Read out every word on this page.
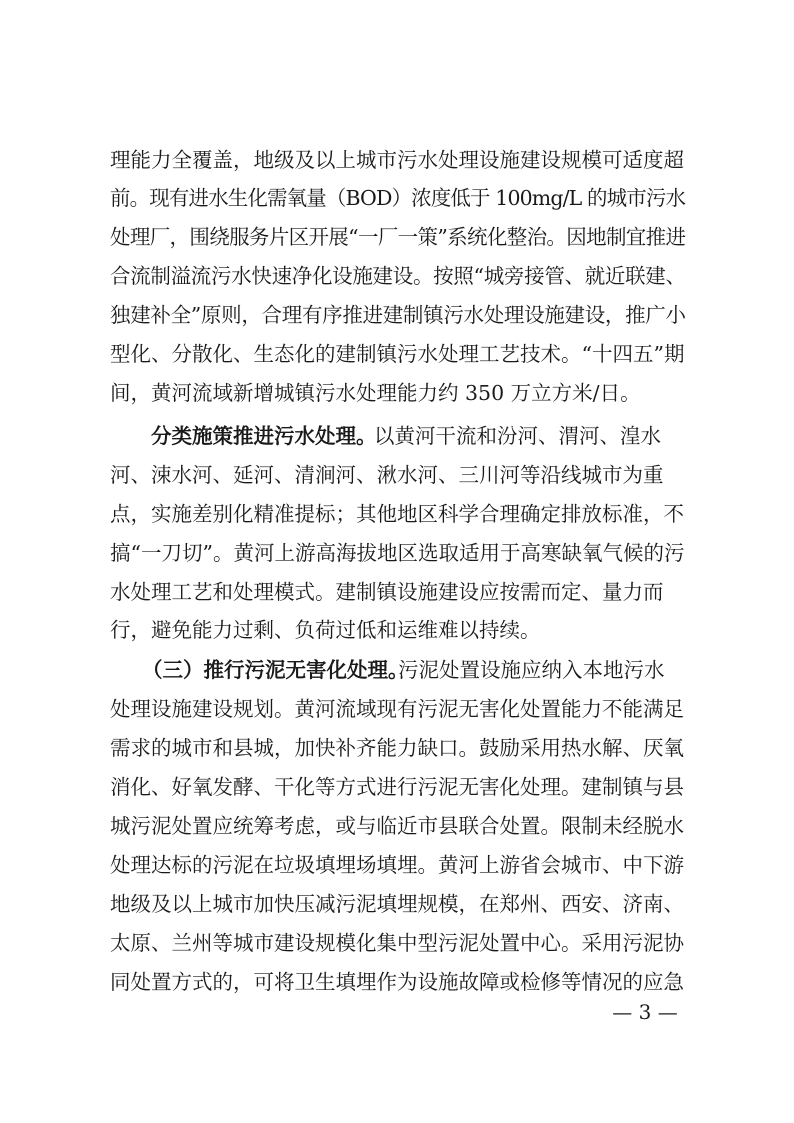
理能力全覆盖，地级及以上城市污水处理设施建设规模可适度超
前。现有进水生化需氧量（BOD）浓度低于 100mg/L 的城市污水
处理厂，围绕服务片区开展“一厂一策”系统化整治。因地制宜推进
合流制溢流污水快速净化设施建设。按照“城旁接管、就近联建、
独建补全”原则，合理有序推进建制镇污水处理设施建设，推广小
型化、分散化、生态化的建制镇污水处理工艺技术。“十四五”期
间，黄河流域新增城镇污水处理能力约 350 万立方米/日。
分类施策推进污水处理。
以黄河干流和汾河、渭河、湟水
河、涑水河、延河、清涧河、湫水河、三川河等沿线城市为重
点，实施差别化精准提标；其他地区科学合理确定排放标准，不
搞“一刀切”。黄河上游高海拔地区选取适用于高寒缺氧气候的污
水处理工艺和处理模式。建制镇设施建设应按需而定、量力而
行，避免能力过剩、负荷过低和运维难以持续。
（三）推行污泥无害化处理。
污泥处置设施应纳入本地污水
处理设施建设规划。黄河流域现有污泥无害化处置能力不能满足
需求的城市和县城，加快补齐能力缺口。鼓励采用热水解、厌氧
消化、好氧发酵、干化等方式进行污泥无害化处理。建制镇与县
城污泥处置应统筹考虑，或与临近市县联合处置。限制未经脱水
处理达标的污泥在垃圾填埋场填埋。黄河上游省会城市、中下游
地级及以上城市加快压减污泥填埋规模，在郑州、西安、济南、
太原、兰州等城市建设规模化集中型污泥处置中心。采用污泥协
同处置方式的，可将卫生填埋作为设施故障或检修等情况的应急
— 3 —
